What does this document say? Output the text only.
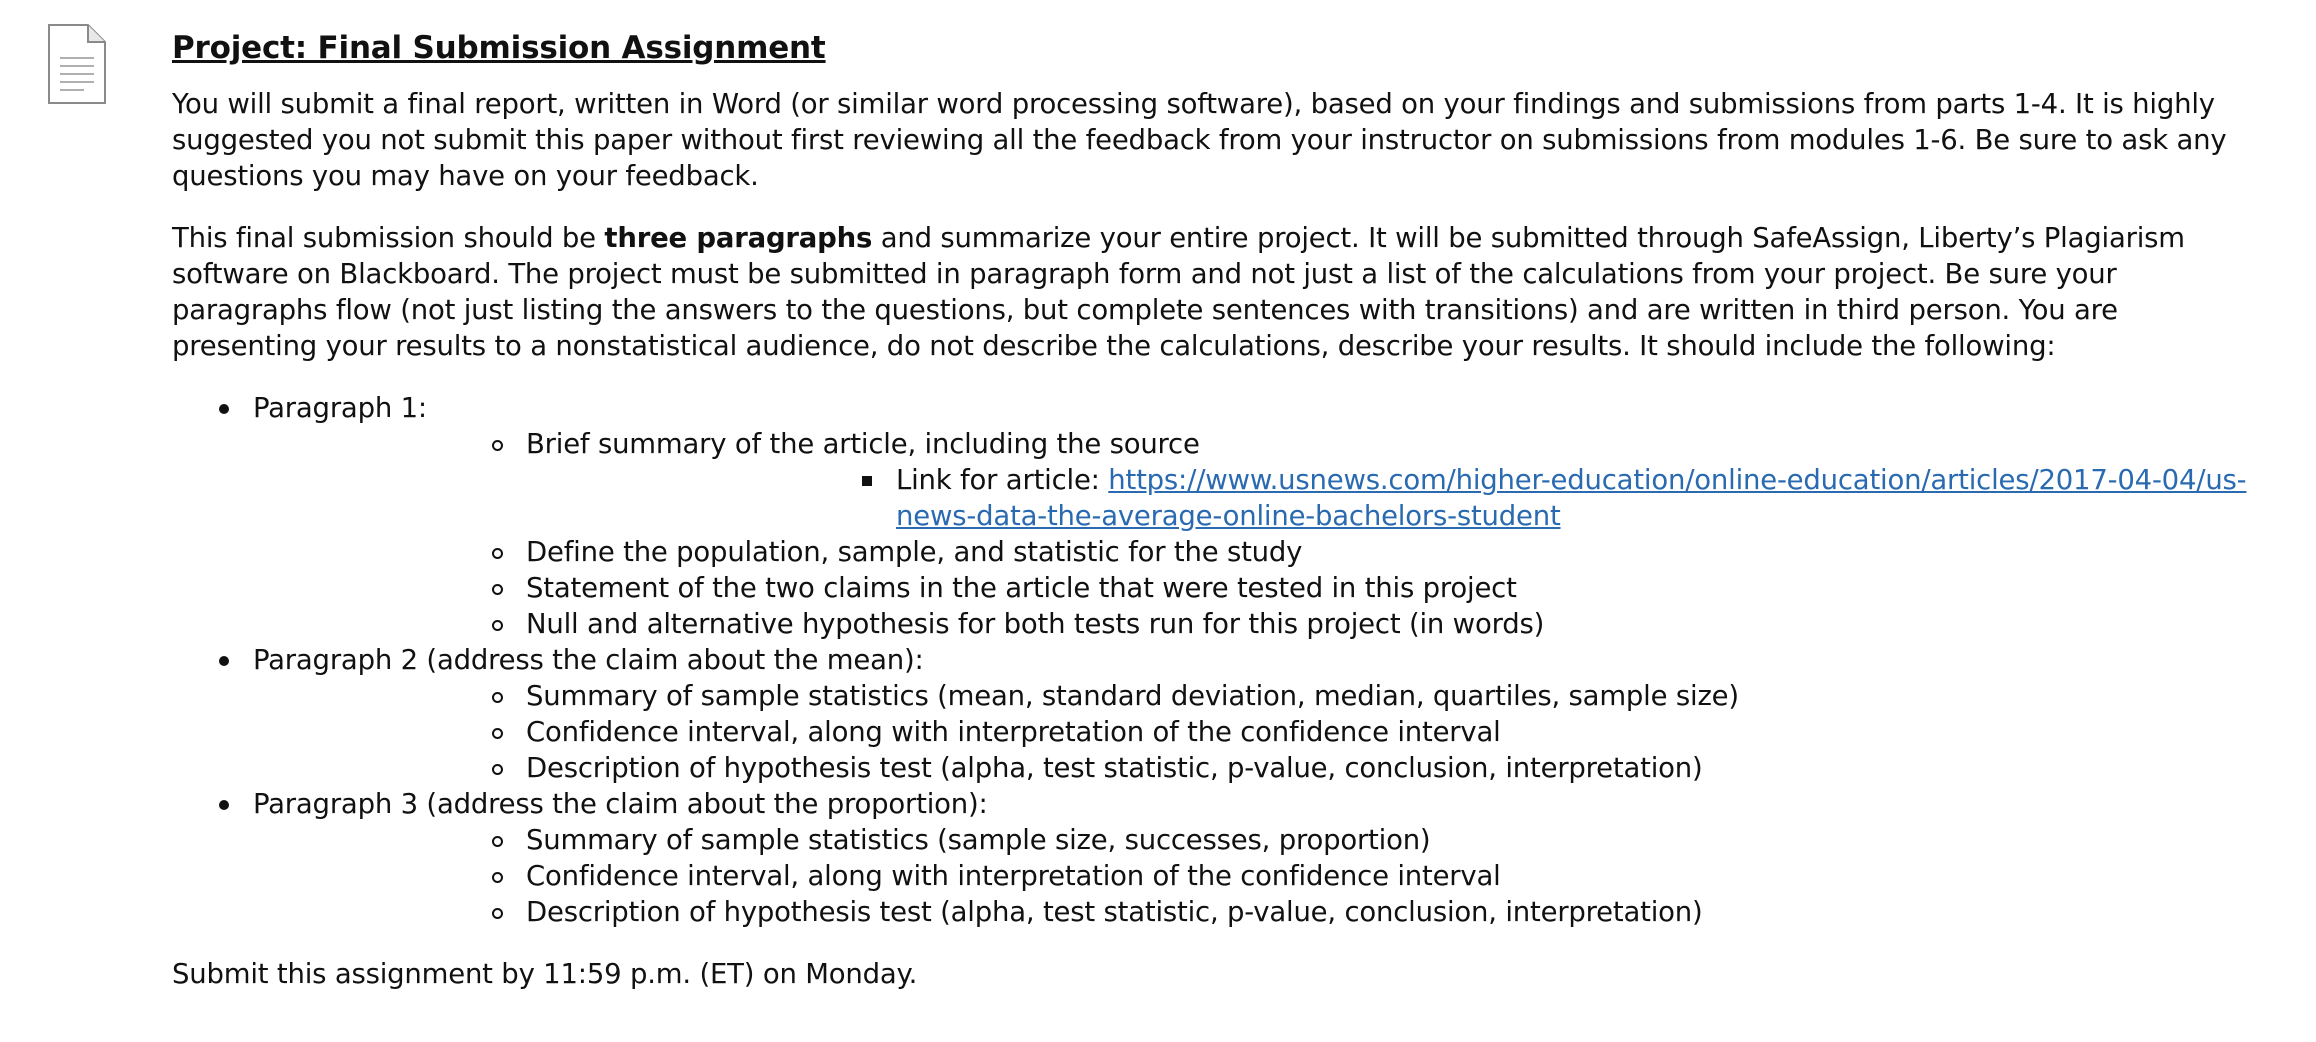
Project: Final Submission Assignment

You will submit a final report, written in Word (or similar word processing software), based on your findings and submissions from parts 1-4. It is highly suggested you not submit this paper without first reviewing all the feedback from your instructor on submissions from modules 1-6. Be sure to ask any questions you may have on your feedback.

This final submission should be three paragraphs and summarize your entire project. It will be submitted through SafeAssign, Liberty’s Plagiarism software on Blackboard. The project must be submitted in paragraph form and not just a list of the calculations from your project. Be sure your paragraphs flow (not just listing the answers to the questions, but complete sentences with transitions) and are written in third person. You are presenting your results to a nonstatistical audience, do not describe the calculations, describe your results. It should include the following:

Paragraph 1:
Brief summary of the article, including the source
Link for article: https://www.usnews.com/higher-education/online-education/articles/2017-04-04/us-news-data-the-average-online-bachelors-student
Define the population, sample, and statistic for the study
Statement of the two claims in the article that were tested in this project
Null and alternative hypothesis for both tests run for this project (in words)
Paragraph 2 (address the claim about the mean):
Summary of sample statistics (mean, standard deviation, median, quartiles, sample size)
Confidence interval, along with interpretation of the confidence interval
Description of hypothesis test (alpha, test statistic, p-value, conclusion, interpretation)
Paragraph 3 (address the claim about the proportion):
Summary of sample statistics (sample size, successes, proportion)
Confidence interval, along with interpretation of the confidence interval
Description of hypothesis test (alpha, test statistic, p-value, conclusion, interpretation)

Submit this assignment by 11:59 p.m. (ET) on Monday.
